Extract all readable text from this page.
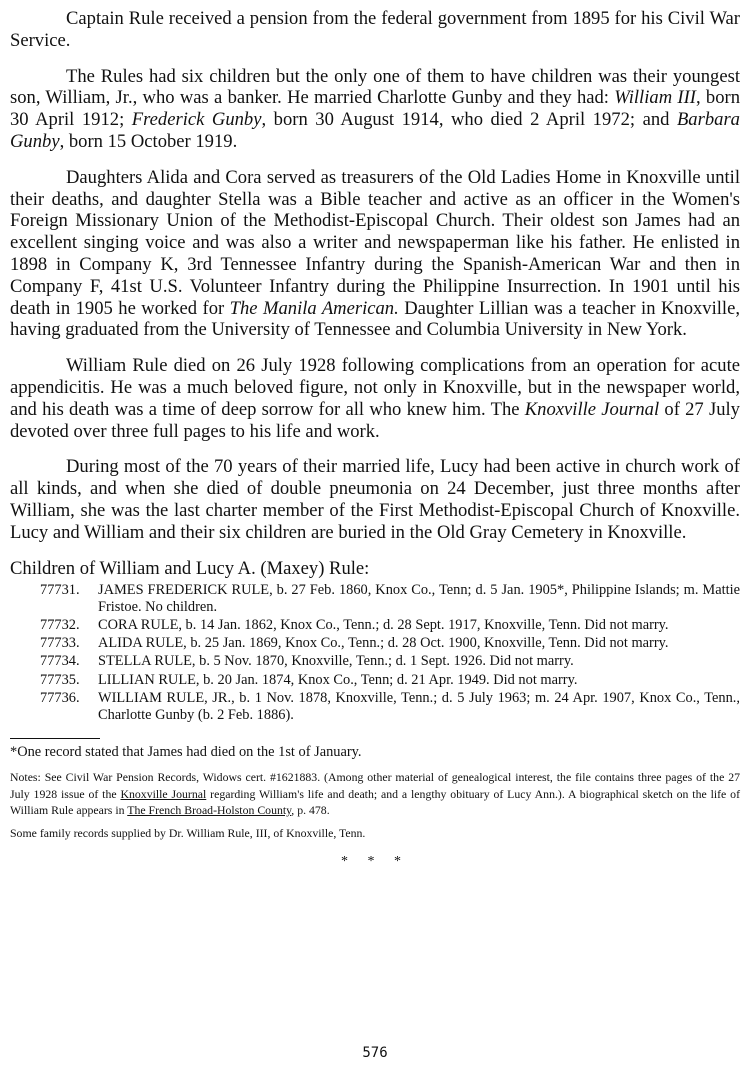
Captain Rule received a pension from the federal government from 1895 for his Civil War Service.

The Rules had six children but the only one of them to have children was their youngest son, William, Jr., who was a banker. He married Charlotte Gunby and they had: William III, born 30 April 1912; Frederick Gunby, born 30 August 1914, who died 2 April 1972; and Barbara Gunby, born 15 October 1919.

Daughters Alida and Cora served as treasurers of the Old Ladies Home in Knoxville until their deaths, and daughter Stella was a Bible teacher and active as an officer in the Women's Foreign Missionary Union of the Methodist-Episcopal Church. Their oldest son James had an excellent singing voice and was also a writer and newspaperman like his father. He enlisted in 1898 in Company K, 3rd Tennessee Infantry during the Spanish-American War and then in Company F, 41st U.S. Volunteer Infantry during the Philippine Insurrection. In 1901 until his death in 1905 he worked for The Manila American. Daughter Lillian was a teacher in Knoxville, having graduated from the University of Tennessee and Columbia University in New York.

William Rule died on 26 July 1928 following complications from an operation for acute appendicitis. He was a much beloved figure, not only in Knoxville, but in the newspaper world, and his death was a time of deep sorrow for all who knew him. The Knoxville Journal of 27 July devoted over three full pages to his life and work.

During most of the 70 years of their married life, Lucy had been active in church work of all kinds, and when she died of double pneumonia on 24 December, just three months after William, she was the last charter member of the First Methodist-Episcopal Church of Knoxville. Lucy and William and their six children are buried in the Old Gray Cemetery in Knoxville.

Children of William and Lucy A. (Maxey) Rule:
77731.	JAMES FREDERICK RULE, b. 27 Feb. 1860, Knox Co., Tenn; d. 5 Jan. 1905*, Philippine Islands; m. Mattie Fristoe. No children.
77732.	CORA RULE, b. 14 Jan. 1862, Knox Co., Tenn.; d. 28 Sept. 1917, Knoxville, Tenn. Did not marry.
77733.	ALIDA RULE, b. 25 Jan. 1869, Knox Co., Tenn.; d. 28 Oct. 1900, Knoxville, Tenn. Did not marry.
77734.	STELLA RULE, b. 5 Nov. 1870, Knoxville, Tenn.; d. 1 Sept. 1926. Did not marry.
77735.	LILLIAN RULE, b. 20 Jan. 1874, Knox Co., Tenn; d. 21 Apr. 1949. Did not marry.
77736.	WILLIAM RULE, JR., b. 1 Nov. 1878, Knoxville, Tenn.; d. 5 July 1963; m. 24 Apr. 1907, Knox Co., Tenn., Charlotte Gunby (b. 2 Feb. 1886).

*One record stated that James had died on the 1st of January.

Notes: See Civil War Pension Records, Widows cert. #1621883. (Among other material of genealogical interest, the file contains three pages of the 27 July 1928 issue of the Knoxville Journal regarding William's life and death; and a lengthy obituary of Lucy Ann.). A biographical sketch on the life of William Rule appears in The French Broad-Holston County, p. 478.

Some family records supplied by Dr. William Rule, III, of Knoxville, Tenn.

* * *
576
